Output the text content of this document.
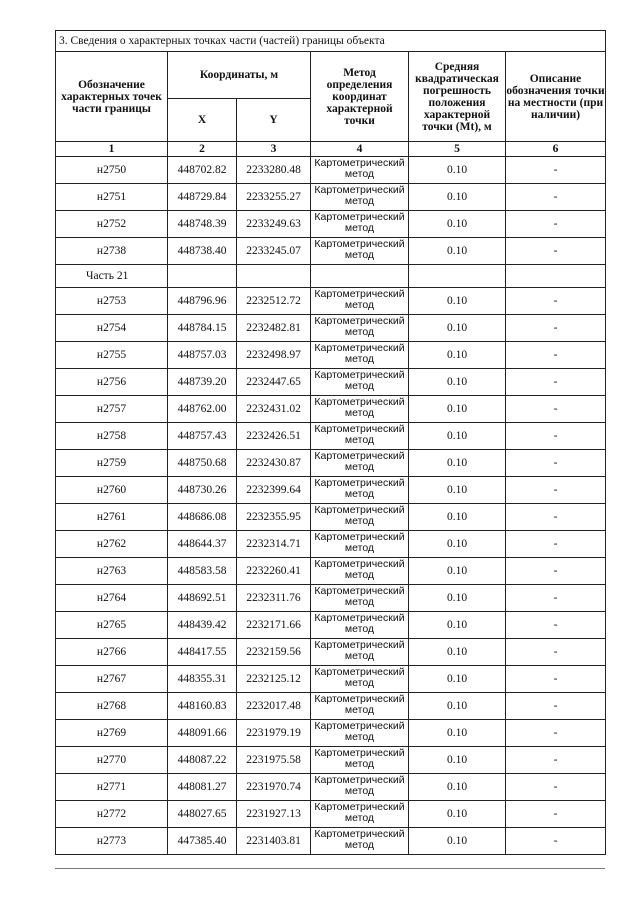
3. Сведения о характерных точках части (частей) границы объекта					
Обозначение характерных точек части границы	Координаты, м		Метод определения координат характерной точки	Средняя квадратическая погрешность положения характерной точки (Mt), м	Описание обозначения точки на местности (при наличии)
	X	Y			
1	2	3	4	5	6
н2750	448702.82	2233280.48	Картометрический метод	0.10	-
н2751	448729.84	2233255.27	Картометрический метод	0.10	-
н2752	448748.39	2233249.63	Картометрический метод	0.10	-
н2738	448738.40	2233245.07	Картометрический метод	0.10	-
Часть 21					
н2753	448796.96	2232512.72	Картометрический метод	0.10	-
н2754	448784.15	2232482.81	Картометрический метод	0.10	-
н2755	448757.03	2232498.97	Картометрический метод	0.10	-
н2756	448739.20	2232447.65	Картометрический метод	0.10	-
н2757	448762.00	2232431.02	Картометрический метод	0.10	-
н2758	448757.43	2232426.51	Картометрический метод	0.10	-
н2759	448750.68	2232430.87	Картометрический метод	0.10	-
н2760	448730.26	2232399.64	Картометрический метод	0.10	-
н2761	448686.08	2232355.95	Картометрический метод	0.10	-
н2762	448644.37	2232314.71	Картометрический метод	0.10	-
н2763	448583.58	2232260.41	Картометрический метод	0.10	-
н2764	448692.51	2232311.76	Картометрический метод	0.10	-
н2765	448439.42	2232171.66	Картометрический метод	0.10	-
н2766	448417.55	2232159.56	Картометрический метод	0.10	-
н2767	448355.31	2232125.12	Картометрический метод	0.10	-
н2768	448160.83	2232017.48	Картометрический метод	0.10	-
н2769	448091.66	2231979.19	Картометрический метод	0.10	-
н2770	448087.22	2231975.58	Картометрический метод	0.10	-
н2771	448081.27	2231970.74	Картометрический метод	0.10	-
н2772	448027.65	2231927.13	Картометрический метод	0.10	-
н2773	447385.40	2231403.81	Картометрический метод	0.10	-
